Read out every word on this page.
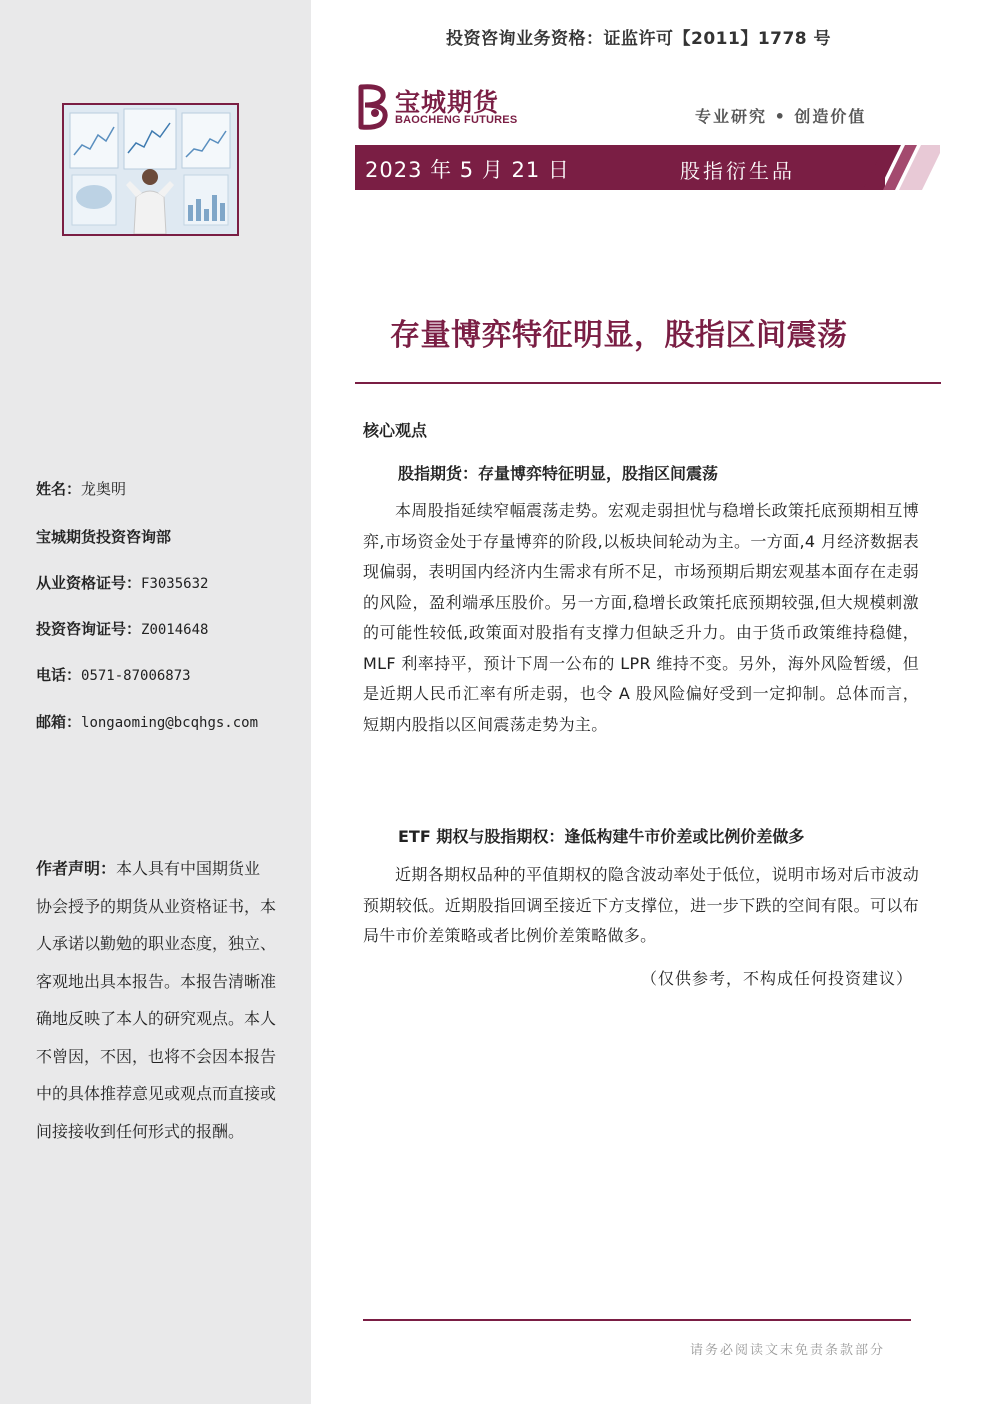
姓名：龙奥明
宝城期货投资咨询部
从业资格证号：F3035632
投资咨询证号：Z0014648
电话：0571-87006873
邮箱：longaoming@bcqhgs.com
作者声明：本人具有中国期货业协会授予的期货从业资格证书，本人承诺以勤勉的职业态度，独立、客观地出具本报告。本报告清晰准确地反映了本人的研究观点。本人不曾因，不因，也将不会因本报告中的具体推荐意见或观点而直接或间接接收到任何形式的报酬。
投资咨询业务资格：证监许可【2011】1778 号
宝城期货
BAOCHENG FUTURES	专业研究 • 创造价值
2023 年 5 月 21 日	股指衍生品
存量博弈特征明显，股指区间震荡
核心观点
股指期货：存量博弈特征明显，股指区间震荡
本周股指延续窄幅震荡走势。宏观走弱担忧与稳增长政策托底预期相互博弈,市场资金处于存量博弈的阶段,以板块间轮动为主。一方面,4 月经济数据表现偏弱，表明国内经济内生需求有所不足，市场预期后期宏观基本面存在走弱的风险，盈利端承压股价。另一方面,稳增长政策托底预期较强,但大规模刺激的可能性较低,政策面对股指有支撑力但缺乏升力。由于货币政策维持稳健，MLF 利率持平，预计下周一公布的 LPR 维持不变。另外，海外风险暂缓，但是近期人民币汇率有所走弱，也令 A 股风险偏好受到一定抑制。总体而言，短期内股指以区间震荡走势为主。
ETF 期权与股指期权：逢低构建牛市价差或比例价差做多
近期各期权品种的平值期权的隐含波动率处于低位，说明市场对后市波动预期较低。近期股指回调至接近下方支撑位，进一步下跌的空间有限。可以布局牛市价差策略或者比例价差策略做多。
（仅供参考，不构成任何投资建议）
请务必阅读文末免责条款部分
